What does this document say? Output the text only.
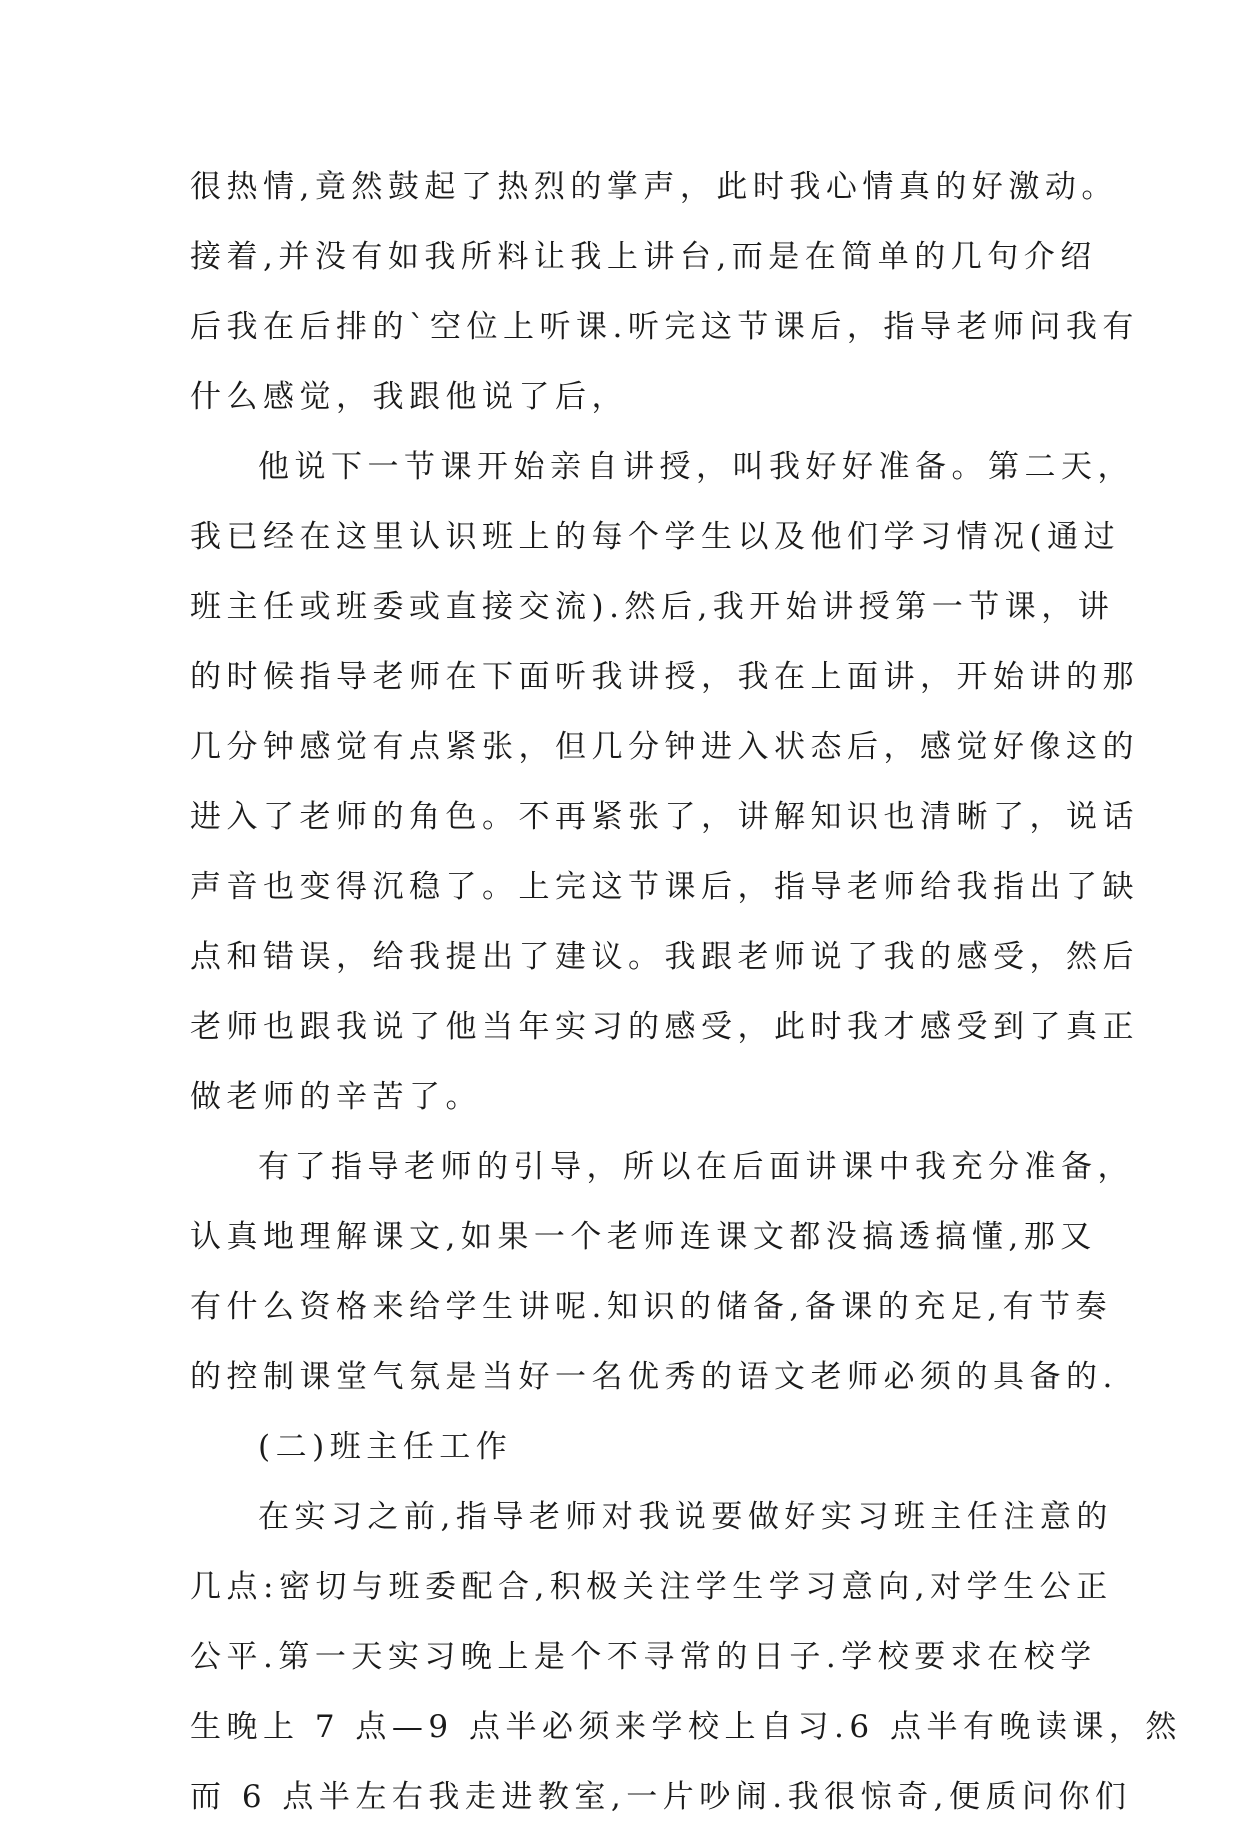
很热情,竟然鼓起了热烈的掌声，此时我心情真的好激动。
接着,并没有如我所料让我上讲台,而是在简单的几句介绍
后我在后排的`空位上听课.听完这节课后，指导老师问我有
什么感觉，我跟他说了后，
他说下一节课开始亲自讲授，叫我好好准备。第二天，
我已经在这里认识班上的每个学生以及他们学习情况(通过
班主任或班委或直接交流).然后,我开始讲授第一节课，讲
的时候指导老师在下面听我讲授，我在上面讲，开始讲的那
几分钟感觉有点紧张，但几分钟进入状态后，感觉好像这的
进入了老师的角色。不再紧张了，讲解知识也清晰了，说话
声音也变得沉稳了。上完这节课后，指导老师给我指出了缺
点和错误，给我提出了建议。我跟老师说了我的感受，然后
老师也跟我说了他当年实习的感受，此时我才感受到了真正
做老师的辛苦了。
有了指导老师的引导，所以在后面讲课中我充分准备，
认真地理解课文,如果一个老师连课文都没搞透搞懂,那又
有什么资格来给学生讲呢.知识的储备,备课的充足,有节奏
的控制课堂气氛是当好一名优秀的语文老师必须的具备的.
(二)班主任工作
在实习之前,指导老师对我说要做好实习班主任注意的
几点:密切与班委配合,积极关注学生学习意向,对学生公正
公平.第一天实习晚上是个不寻常的日子.学校要求在校学
生晚上 7 点—9 点半必须来学校上自习.6 点半有晚读课，然
而 6 点半左右我走进教室,一片吵闹.我很惊奇,便质问你们
